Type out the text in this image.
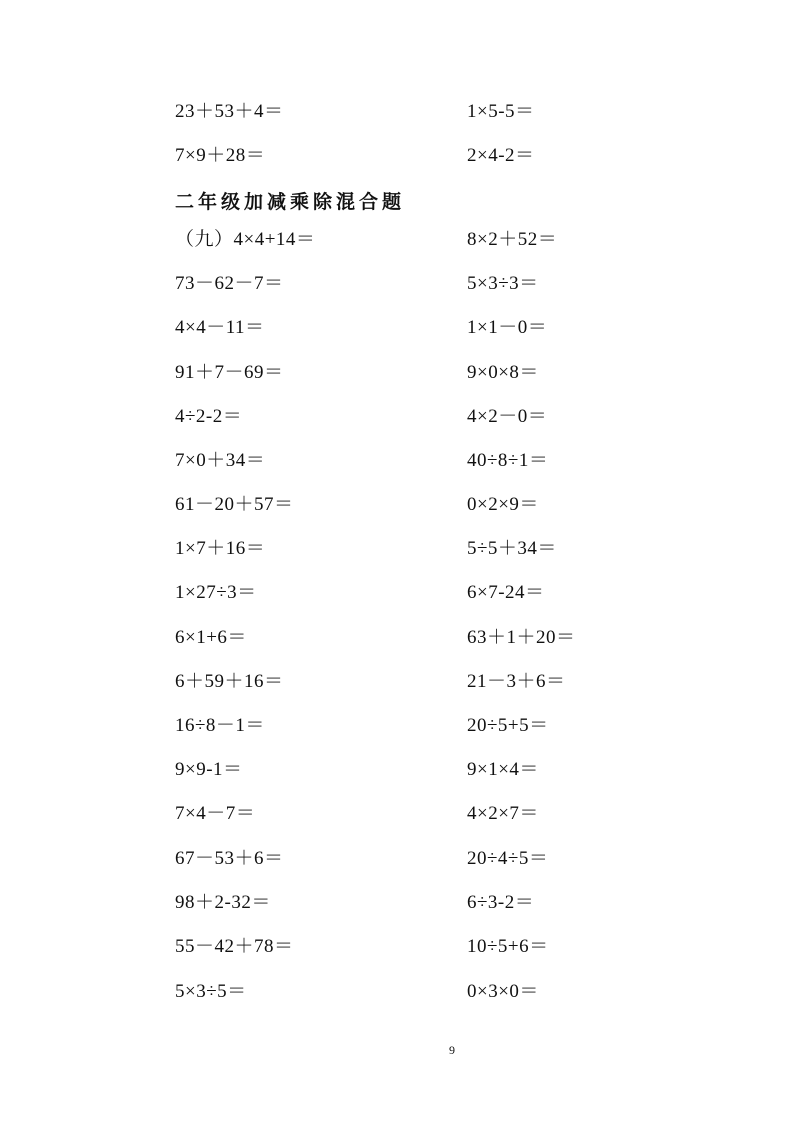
23＋53＋4＝	1×5-5＝
7×9＋28＝	2×4-2＝
二年级加减乘除混合题
（九）4×4+14＝	8×2＋52＝
73－62－7＝	5×3÷3＝
4×4－11＝	1×1－0＝
91＋7－69＝	9×0×8＝
4÷2-2＝	4×2－0＝
7×0＋34＝	40÷8÷1＝
61－20＋57＝	0×2×9＝
1×7＋16＝	5÷5＋34＝
1×27÷3＝	6×7-24＝
6×1+6＝	63＋1＋20＝
6＋59＋16＝	21－3＋6＝
16÷8－1＝	20÷5+5＝
9×9-1＝	9×1×4＝
7×4－7＝	4×2×7＝
67－53＋6＝	20÷4÷5＝
98＋2-32＝	6÷3-2＝
55－42＋78＝	10÷5+6＝
5×3÷5＝	0×3×0＝
9
